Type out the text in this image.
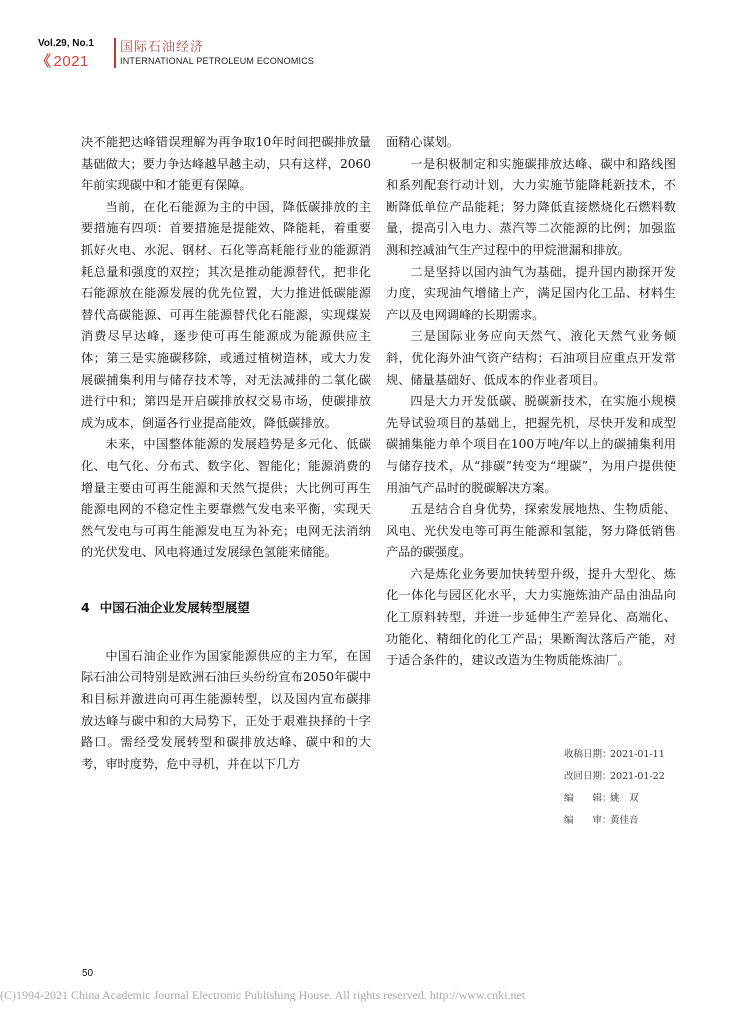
Vol.29, No.1
《 2021
国际石油经济
INTERNATIONAL PETROLEUM ECONOMICS

决不能把达峰错误理解为再争取10年时间把碳排放量基础做大；要力争达峰越早越主动，只有这样，2060年前实现碳中和才能更有保障。

当前，在化石能源为主的中国，降低碳排放的主要措施有四项：首要措施是提能效、降能耗，着重要抓好火电、水泥、钢材、石化等高耗能行业的能源消耗总量和强度的双控；其次是推动能源替代，把非化石能源放在能源发展的优先位置，大力推进低碳能源替代高碳能源、可再生能源替代化石能源，实现煤炭消费尽早达峰，逐步使可再生能源成为能源供应主体；第三是实施碳移除，或通过植树造林，或大力发展碳捕集利用与储存技术等，对无法减排的二氧化碳进行中和；第四是开启碳排放权交易市场，使碳排放成为成本，倒逼各行业提高能效，降低碳排放。

未来，中国整体能源的发展趋势是多元化、低碳化、电气化、分布式、数字化、智能化；能源消费的增量主要由可再生能源和天然气提供；大比例可再生能源电网的不稳定性主要靠燃气发电来平衡，实现天然气发电与可再生能源发电互为补充；电网无法消纳的光伏发电、风电将通过发展绿色氢能来储能。

4 中国石油企业发展转型展望

中国石油企业作为国家能源供应的主力军，在国际石油公司特别是欧洲石油巨头纷纷宣布2050年碳中和目标并激进向可再生能源转型，以及国内宣布碳排放达峰与碳中和的大局势下，正处于艰难抉择的十字路口。需经受发展转型和碳排放达峰、碳中和的大考，审时度势，危中寻机，并在以下几方

面精心谋划。

一是积极制定和实施碳排放达峰、碳中和路线图和系列配套行动计划，大力实施节能降耗新技术，不断降低单位产品能耗；努力降低直接燃烧化石燃料数量，提高引入电力、蒸汽等二次能源的比例；加强监测和控减油气生产过程中的甲烷泄漏和排放。

二是坚持以国内油气为基础，提升国内勘探开发力度，实现油气增储上产，满足国内化工品、材料生产以及电网调峰的长期需求。

三是国际业务应向天然气、液化天然气业务倾斜，优化海外油气资产结构；石油项目应重点开发常规、储量基础好、低成本的作业者项目。

四是大力开发低碳、脱碳新技术，在实施小规模先导试验项目的基础上，把握先机，尽快开发和成型碳捕集能力单个项目在100万吨/年以上的碳捕集利用与储存技术，从“排碳”转变为“埋碳”，为用户提供使用油气产品时的脱碳解决方案。

五是结合自身优势，探索发展地热、生物质能、风电、光伏发电等可再生能源和氢能，努力降低销售产品的碳强度。

六是炼化业务要加快转型升级，提升大型化、炼化一体化与园区化水平，大力实施炼油产品由油品向化工原料转型，并进一步延伸生产差异化、高端化、功能化、精细化的化工产品；果断淘汰落后产能，对于适合条件的，建议改造为生物质能炼油厂。

收稿日期：2021-01-11
改回日期：2021-01-22
编　　辑：姚　双
编　　审：黄佳音
50
(C)1994-2021 China Academic Journal Electronic Publishing House. All rights reserved. http://www.cnki.net
